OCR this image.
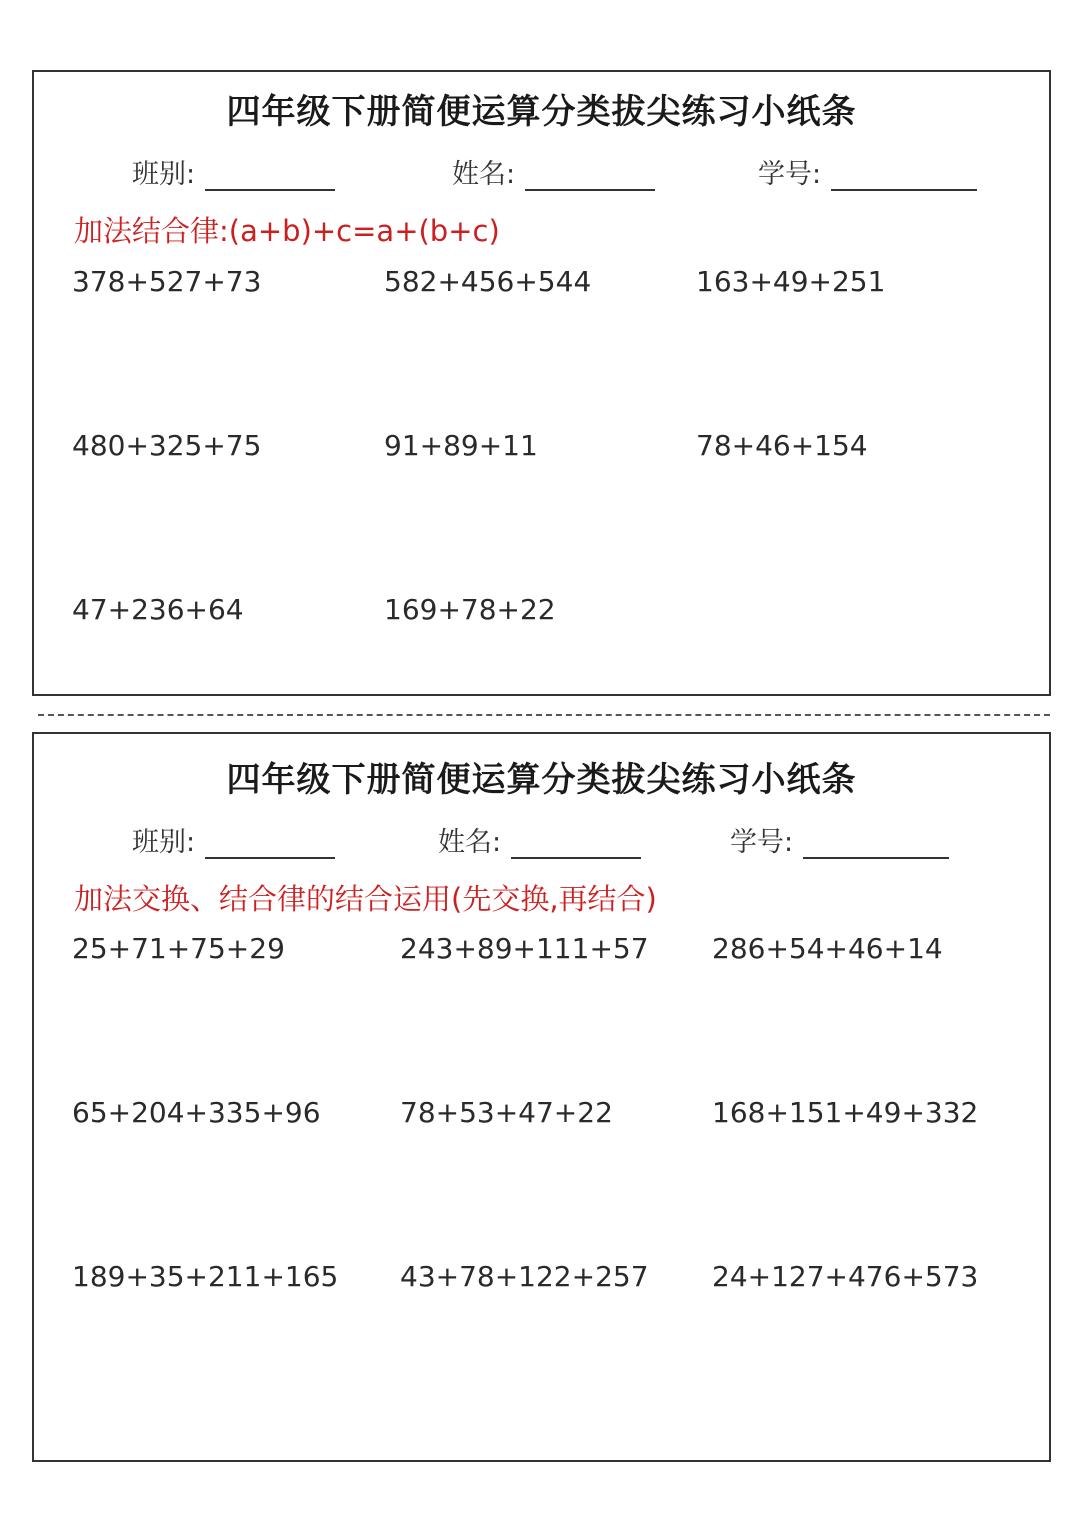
四年级下册简便运算分类拔尖练习小纸条
班别:	姓名:	学号:
加法结合律:(a+b)+c=a+(b+c)
378+527+73	582+456+544	163+49+251
480+325+75	91+89+11	78+46+154
47+236+64	169+78+22
四年级下册简便运算分类拔尖练习小纸条
班别:	姓名:	学号:
加法交换、结合律的结合运用(先交换,再结合)
25+71+75+29	243+89+111+57 286+54+46+14
65+204+335+96	78+53+47+22	168+151+49+332
189+35+211+165 43+78+122+257 24+127+476+573
